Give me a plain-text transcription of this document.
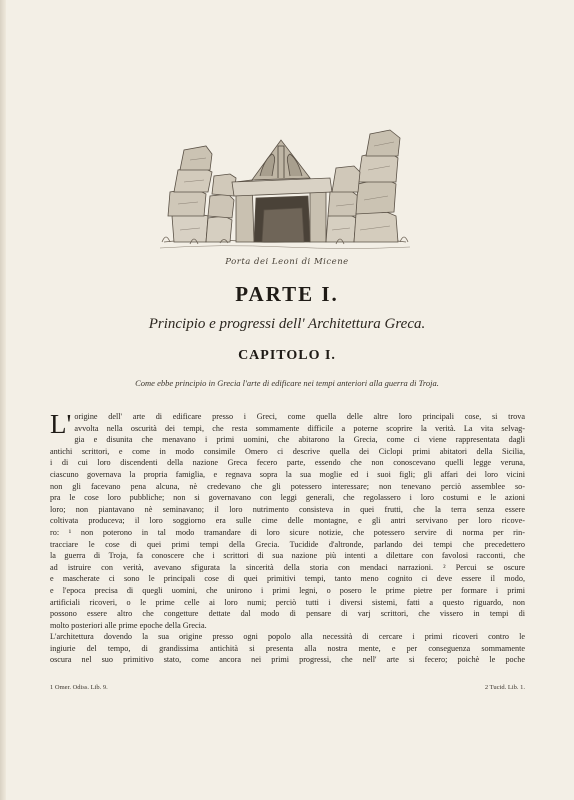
Porta dei Leoni di Micene
PARTE I.
Principio e progressi dell' Architettura Greca.
CAPITOLO I.
Come ebbe principio in Grecia l'arte di edificare nei tempi anteriori alla guerra di Troja.
L' origine dell' arte di edificare presso i Greci, come quella delle altre loro principali cose, si trova
avvolta nella oscurità dei tempi, che resta sommamente difficile a poterne scoprire la verità. La vita selvag-
gia e disunita che menavano i primi uomini, che abitarono la Grecia, come ci viene rappresentata dagli
antichi scrittori, e come in modo consimile Omero ci descrive quella dei Ciclopi primi abitatori della Sicilia,
i di cui loro discendenti della nazione Greca fecero parte, essendo che non conoscevano quelli legge veruna,
ciascuno governava la propria famiglia, e regnava sopra la sua moglie ed i suoi figli; gli affari dei loro vicini
non gli facevano pena alcuna, nè credevano che gli potessero interessare; non tenevano perciò assemblee so-
pra le cose loro pubbliche; non si governavano con leggi generali, che regolassero i loro costumi e le azioni
loro; non piantavano nè seminavano; il loro nutrimento consisteva in quei frutti, che la terra senza essere
coltivata produceva; il loro soggiorno era sulle cime delle montagne, e gli antri servivano per loro ricove-
ro: ¹ non poterono in tal modo tramandare di loro sicure notizie, che potessero servire di norma per rin-
tracciare le cose di quei primi tempi della Grecia. Tucidide d'altronde, parlando dei tempi che precedettero
la guerra di Troja, fa conoscere che i scrittori di sua nazione più intenti a dilettare con favolosi racconti, che
ad istruire con verità, avevano sfigurata la sincerità della storia con mendaci narrazioni. ² Percui se oscure
e mascherate ci sono le principali cose di quei primitivi tempi, tanto meno cognito ci deve essere il modo,
e l'epoca precisa di quegli uomini, che unirono i primi legni, o posero le prime pietre per formare i primi
artificiali ricoveri, o le prime celle ai loro numi; perciò tutti i diversi sistemi, fatti a questo riguardo, non
possono essere altro che congetture dettate dal modo di pensare di varj scrittori, che vissero in tempi di
molto posteriori alle prime epoche della Grecia.
L'architettura dovendo la sua origine presso ogni popolo alla necessità di cercare i primi ricoveri contro le
ingiurie del tempo, di grandissima antichità si presenta alla nostra mente, e per conseguenza sommamente
oscura nel suo primitivo stato, come ancora nei primi progressi, che nell' arte si fecero; poichè le poche
1 Omer. Odiss. Lib. 9.	2 Tucid. Lib. 1.
